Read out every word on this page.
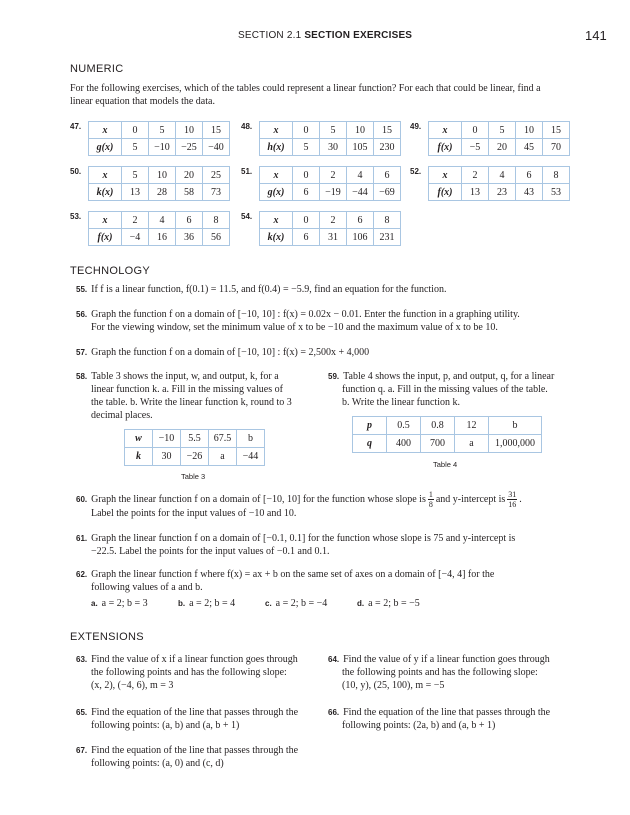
SECTION 2.1 SECTION EXERCISES	141
NUMERIC
For the following exercises, which of the tables could represent a linear function? For each that could be linear, find a
linear equation that models the data.
47. x	0	5	10	15
g(x)	5	−10	−25	−40
48. x	0	5	10	15
h(x)	5	30	105	230
49. x	0	5	10	15
f(x)	−5	20	45	70
50. x	5	10	20	25
k(x)	13	28	58	73
51. x	0	2	4	6
g(x)	6	−19	−44	−69
52. x	2	4	6	8
f(x)	13	23	43	53
53. x	2	4	6	8
f(x)	−4	16	36	56
54. x	0	2	6	8
k(x)	6	31	106	231
TECHNOLOGY
55. If f is a linear function, f(0.1) = 11.5, and f(0.4) = −5.9, find an equation for the function.
56. Graph the function f on a domain of [−10, 10] : f(x) = 0.02x − 0.01. Enter the function in a graphing utility.
For the viewing window, set the minimum value of x to be −10 and the maximum value of x to be 10.
57. Graph the function f on a domain of [−10, 10] : f(x) = 2,500x + 4,000
58. Table 3 shows the input, w, and output, k, for a
linear function k. a. Fill in the missing values of
the table. b. Write the linear function k, round to 3
decimal places.
w	−10	5.5	67.5	b
k	30	−26	a	−44
Table 3
59. Table 4 shows the input, p, and output, q, for a linear
function q. a. Fill in the missing values of the table.
b. Write the linear function k.
p	0.5	0.8	12	b
q	400	700	a	1,000,000
Table 4
60. Graph the linear function f on a domain of [−10, 10] for the function whose slope is $\frac{1}{8}$ and y-intercept is $\frac{31}{16}$ .
Label the points for the input values of −10 and 10.
61. Graph the linear function f on a domain of [−0.1, 0.1] for the function whose slope is 75 and y-intercept is
−22.5. Label the points for the input values of −0.1 and 0.1.
62. Graph the linear function f where f(x) = ax + b on the same set of axes on a domain of [−4, 4] for the
following values of a and b.
a. a = 2; b = 3	b. a = 2; b = 4	c. a = 2; b = −4	d. a = 2; b = −5
EXTENSIONS
63. Find the value of x if a linear function goes through
the following points and has the following slope:
(x, 2), (−4, 6), m = 3
64. Find the value of y if a linear function goes through
the following points and has the following slope:
(10, y), (25, 100), m = −5
65. Find the equation of the line that passes through the
following points: (a, b) and (a, b + 1)
66. Find the equation of the line that passes through the
following points: (2a, b) and (a, b + 1)
67. Find the equation of the line that passes through the
following points: (a, 0) and (c, d)
